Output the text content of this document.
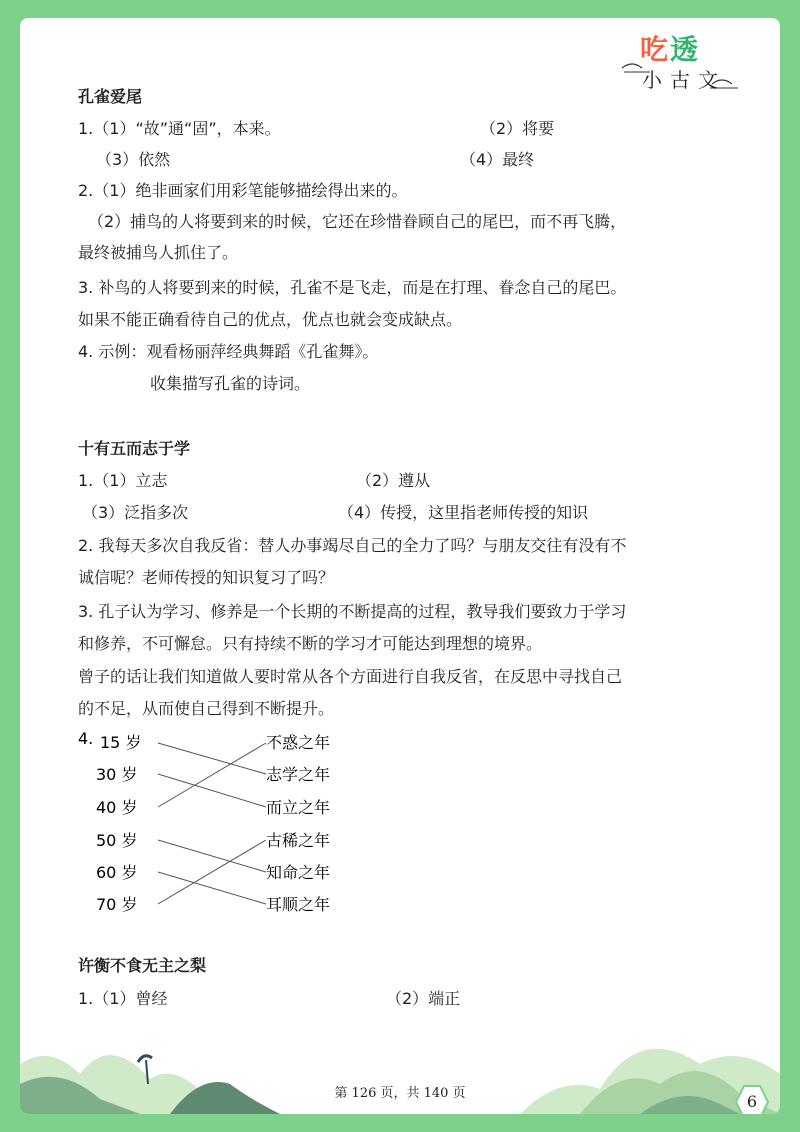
吃透
小古文
孔雀爱尾
1.（1）“故”通“固”，本来。	（2）将要
（3）依然	（4）最终
2.（1）绝非画家们用彩笔能够描绘得出来的。
（2）捕鸟的人将要到来的时候，它还在珍惜眷顾自己的尾巴，而不再飞腾，
最终被捕鸟人抓住了。
3. 补鸟的人将要到来的时候，孔雀不是飞走，而是在打理、眷念自己的尾巴。
如果不能正确看待自己的优点，优点也就会变成缺点。
4. 示例：观看杨丽萍经典舞蹈《孔雀舞》。
收集描写孔雀的诗词。
十有五而志于学
1.（1）立志	（2）遵从
（3）泛指多次	（4）传授，这里指老师传授的知识
2. 我每天多次自我反省：替人办事竭尽自己的全力了吗？与朋友交往有没有不
诚信呢？老师传授的知识复习了吗？
3. 孔子认为学习、修养是一个长期的不断提高的过程，教导我们要致力于学习
和修养，不可懈怠。只有持续不断的学习才可能达到理想的境界。
曾子的话让我们知道做人要时常从各个方面进行自我反省，在反思中寻找自己
的不足，从而使自己得到不断提升。
许衡不食无主之梨
1.（1）曾经	（2）端正
4. 15 岁
30 岁
40 岁
50 岁
60 岁
70 岁
不惑之年
志学之年
而立之年
古稀之年
知命之年
耳顺之年
第 126 页，共 140 页	6
